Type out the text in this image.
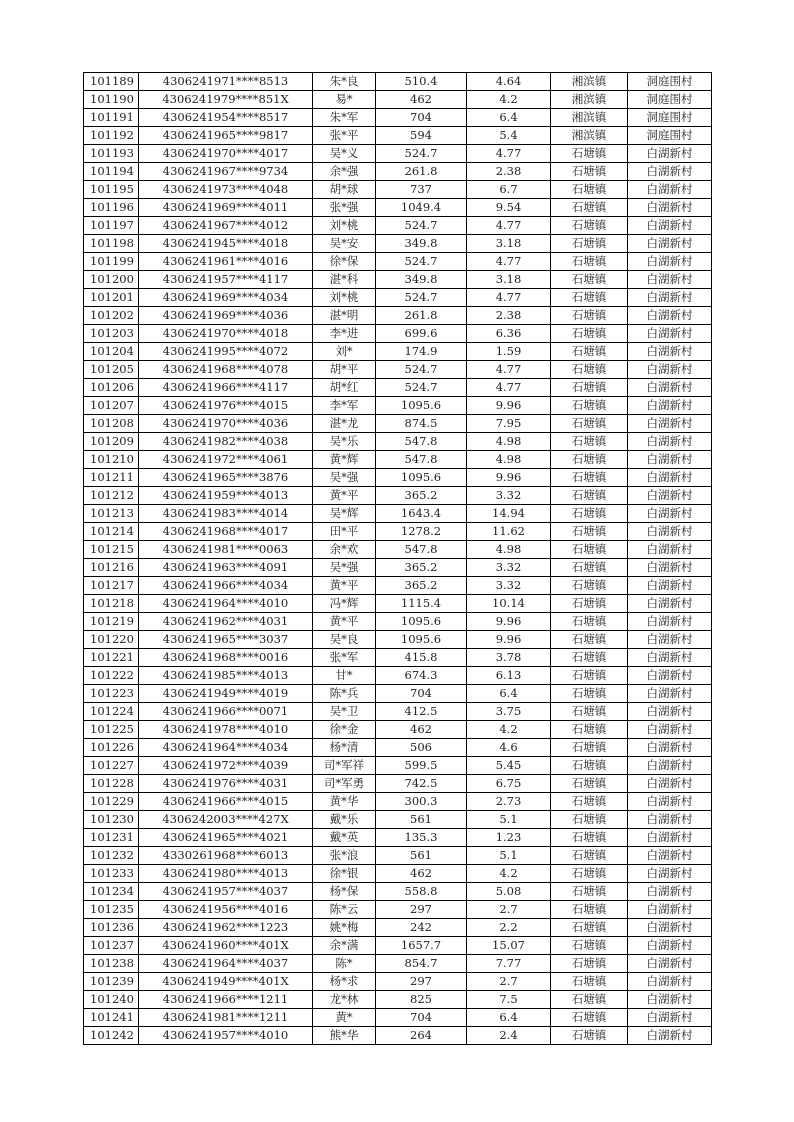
101189	4306241971****8513	朱*良	510.4	4.64	湘滨镇	洞庭围村
101190	4306241979****851X	易*	462	4.2	湘滨镇	洞庭围村
101191	4306241954****8517	朱*军	704	6.4	湘滨镇	洞庭围村
101192	4306241965****9817	张*平	594	5.4	湘滨镇	洞庭围村
101193	4306241970****4017	吴*义	524.7	4.77	石塘镇	白湖新村
101194	4306241967****9734	余*强	261.8	2.38	石塘镇	白湖新村
101195	4306241973****4048	胡*球	737	6.7	石塘镇	白湖新村
101196	4306241969****4011	张*强	1049.4	9.54	石塘镇	白湖新村
101197	4306241967****4012	刘*桃	524.7	4.77	石塘镇	白湖新村
101198	4306241945****4018	吴*安	349.8	3.18	石塘镇	白湖新村
101199	4306241961****4016	徐*保	524.7	4.77	石塘镇	白湖新村
101200	4306241957****4117	湛*科	349.8	3.18	石塘镇	白湖新村
101201	4306241969****4034	刘*桃	524.7	4.77	石塘镇	白湖新村
101202	4306241969****4036	湛*明	261.8	2.38	石塘镇	白湖新村
101203	4306241970****4018	李*进	699.6	6.36	石塘镇	白湖新村
101204	4306241995****4072	刘*	174.9	1.59	石塘镇	白湖新村
101205	4306241968****4078	胡*平	524.7	4.77	石塘镇	白湖新村
101206	4306241966****4117	胡*红	524.7	4.77	石塘镇	白湖新村
101207	4306241976****4015	李*军	1095.6	9.96	石塘镇	白湖新村
101208	4306241970****4036	湛*龙	874.5	7.95	石塘镇	白湖新村
101209	4306241982****4038	吴*乐	547.8	4.98	石塘镇	白湖新村
101210	4306241972****4061	黄*辉	547.8	4.98	石塘镇	白湖新村
101211	4306241965****3876	吴*强	1095.6	9.96	石塘镇	白湖新村
101212	4306241959****4013	黄*平	365.2	3.32	石塘镇	白湖新村
101213	4306241983****4014	吴*辉	1643.4	14.94	石塘镇	白湖新村
101214	4306241968****4017	田*平	1278.2	11.62	石塘镇	白湖新村
101215	4306241981****0063	余*欢	547.8	4.98	石塘镇	白湖新村
101216	4306241963****4091	吴*强	365.2	3.32	石塘镇	白湖新村
101217	4306241966****4034	黄*平	365.2	3.32	石塘镇	白湖新村
101218	4306241964****4010	冯*辉	1115.4	10.14	石塘镇	白湖新村
101219	4306241962****4031	黄*平	1095.6	9.96	石塘镇	白湖新村
101220	4306241965****3037	吴*良	1095.6	9.96	石塘镇	白湖新村
101221	4306241968****0016	张*军	415.8	3.78	石塘镇	白湖新村
101222	4306241985****4013	甘*	674.3	6.13	石塘镇	白湖新村
101223	4306241949****4019	陈*兵	704	6.4	石塘镇	白湖新村
101224	4306241966****0071	吴*卫	412.5	3.75	石塘镇	白湖新村
101225	4306241978****4010	徐*金	462	4.2	石塘镇	白湖新村
101226	4306241964****4034	杨*清	506	4.6	石塘镇	白湖新村
101227	4306241972****4039	司*军祥	599.5	5.45	石塘镇	白湖新村
101228	4306241976****4031	司*军勇	742.5	6.75	石塘镇	白湖新村
101229	4306241966****4015	黄*华	300.3	2.73	石塘镇	白湖新村
101230	4306242003****427X	戴*乐	561	5.1	石塘镇	白湖新村
101231	4306241965****4021	戴*英	135.3	1.23	石塘镇	白湖新村
101232	4330261968****6013	张*浪	561	5.1	石塘镇	白湖新村
101233	4306241980****4013	徐*银	462	4.2	石塘镇	白湖新村
101234	4306241957****4037	杨*保	558.8	5.08	石塘镇	白湖新村
101235	4306241956****4016	陈*云	297	2.7	石塘镇	白湖新村
101236	4306241962****1223	姚*梅	242	2.2	石塘镇	白湖新村
101237	4306241960****401X	余*满	1657.7	15.07	石塘镇	白湖新村
101238	4306241964****4037	陈*	854.7	7.77	石塘镇	白湖新村
101239	4306241949****401X	杨*求	297	2.7	石塘镇	白湖新村
101240	4306241966****1211	龙*林	825	7.5	石塘镇	白湖新村
101241	4306241981****1211	黄*	704	6.4	石塘镇	白湖新村
101242	4306241957****4010	熊*华	264	2.4	石塘镇	白湖新村
